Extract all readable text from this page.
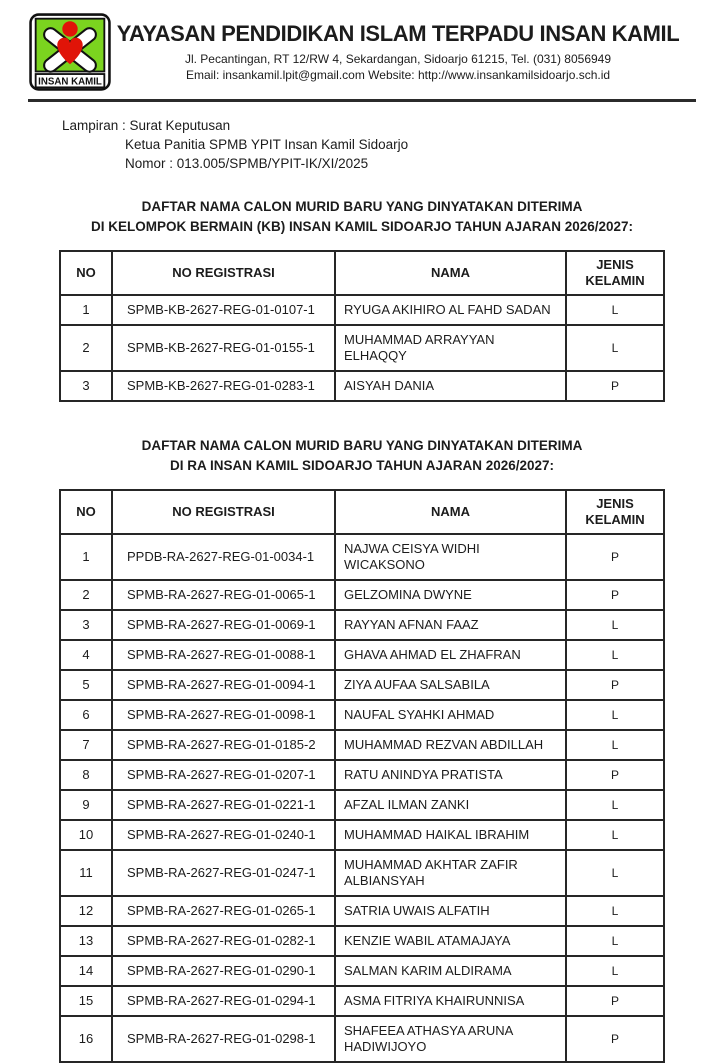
INSAN KAMIL
YAYASAN PENDIDIKAN ISLAM TERPADU INSAN KAMIL
Jl. Pecantingan, RT 12/RW 4, Sekardangan, Sidoarjo 61215, Tel. (031) 8056949
Email: insankamil.lpit@gmail.com Website: http://www.insankamilsidoarjo.sch.id
Lampiran : Surat Keputusan
Ketua Panitia SPMB YPIT Insan Kamil Sidoarjo
Nomor : 013.005/SPMB/YPIT-IK/XI/2025
DAFTAR NAMA CALON MURID BARU YANG DINYATAKAN DITERIMA
DI KELOMPOK BERMAIN (KB) INSAN KAMIL SIDOARJO TAHUN AJARAN 2026/2027:
NO	NO REGISTRASI	NAMA	JENIS KELAMIN
1	SPMB-KB-2627-REG-01-0107-1	RYUGA AKIHIRO AL FAHD SADAN	L
2	SPMB-KB-2627-REG-01-0155-1	MUHAMMAD ARRAYYAN ELHAQQY	L
3	SPMB-KB-2627-REG-01-0283-1	AISYAH DANIA	P
DAFTAR NAMA CALON MURID BARU YANG DINYATAKAN DITERIMA
DI RA INSAN KAMIL SIDOARJO TAHUN AJARAN 2026/2027:
NO	NO REGISTRASI	NAMA	JENIS KELAMIN
1	PPDB-RA-2627-REG-01-0034-1	NAJWA CEISYA WIDHI WICAKSONO	P
2	SPMB-RA-2627-REG-01-0065-1	GELZOMINA DWYNE	P
3	SPMB-RA-2627-REG-01-0069-1	RAYYAN AFNAN FAAZ	L
4	SPMB-RA-2627-REG-01-0088-1	GHAVA AHMAD EL ZHAFRAN	L
5	SPMB-RA-2627-REG-01-0094-1	ZIYA AUFAA SALSABILA	P
6	SPMB-RA-2627-REG-01-0098-1	NAUFAL SYAHKI AHMAD	L
7	SPMB-RA-2627-REG-01-0185-2	MUHAMMAD REZVAN ABDILLAH	L
8	SPMB-RA-2627-REG-01-0207-1	RATU ANINDYA PRATISTA	P
9	SPMB-RA-2627-REG-01-0221-1	AFZAL ILMAN ZANKI	L
10	SPMB-RA-2627-REG-01-0240-1	MUHAMMAD HAIKAL IBRAHIM	L
11	SPMB-RA-2627-REG-01-0247-1	MUHAMMAD AKHTAR ZAFIR ALBIANSYAH	L
12	SPMB-RA-2627-REG-01-0265-1	SATRIA UWAIS ALFATIH	L
13	SPMB-RA-2627-REG-01-0282-1	KENZIE WABIL ATAMAJAYA	L
14	SPMB-RA-2627-REG-01-0290-1	SALMAN KARIM ALDIRAMA	L
15	SPMB-RA-2627-REG-01-0294-1	ASMA FITRIYA KHAIRUNNISA	P
16	SPMB-RA-2627-REG-01-0298-1	SHAFEEA ATHASYA ARUNA HADIWIJOYO	P
